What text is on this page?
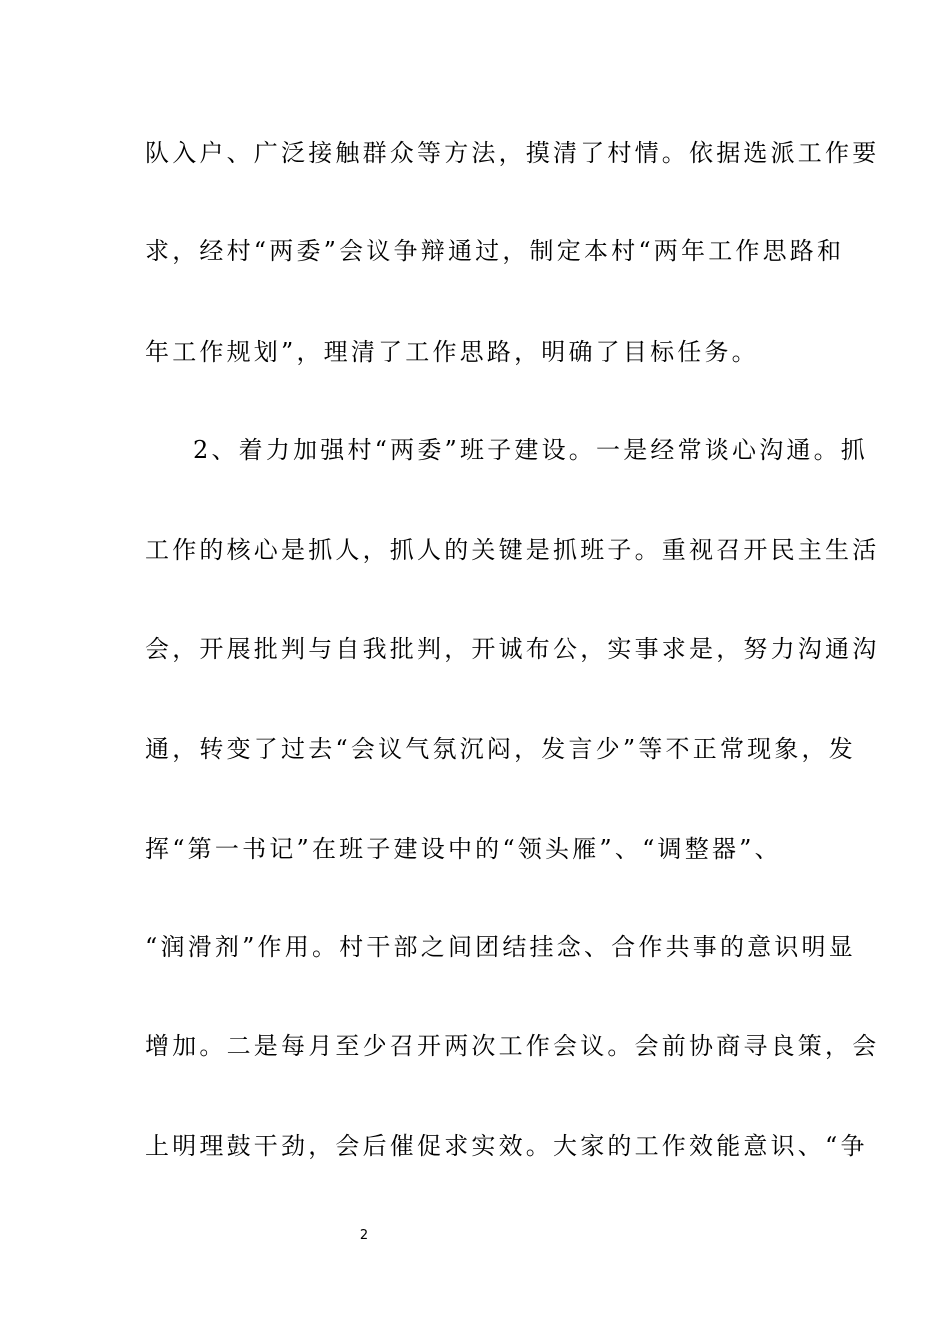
队入户、广泛接触群众等方法，摸清了村情。依据选派工作要
求，经村“两委”会议争辩通过，制定本村“两年工作思路和
年工作规划”，理清了工作思路，明确了目标任务。
2、着力加强村“两委”班子建设。一是经常谈心沟通。抓
工作的核心是抓人，抓人的关键是抓班子。重视召开民主生活
会，开展批判与自我批判，开诚布公，实事求是，努力沟通沟
通，转变了过去“会议气氛沉闷，发言少”等不正常现象，发
挥“第一书记”在班子建设中的“领头雁”、“调整器”、
“润滑剂”作用。村干部之间团结挂念、合作共事的意识明显
增加。二是每月至少召开两次工作会议。会前协商寻良策，会
上明理鼓干劲，会后催促求实效。大家的工作效能意识、“争
2
